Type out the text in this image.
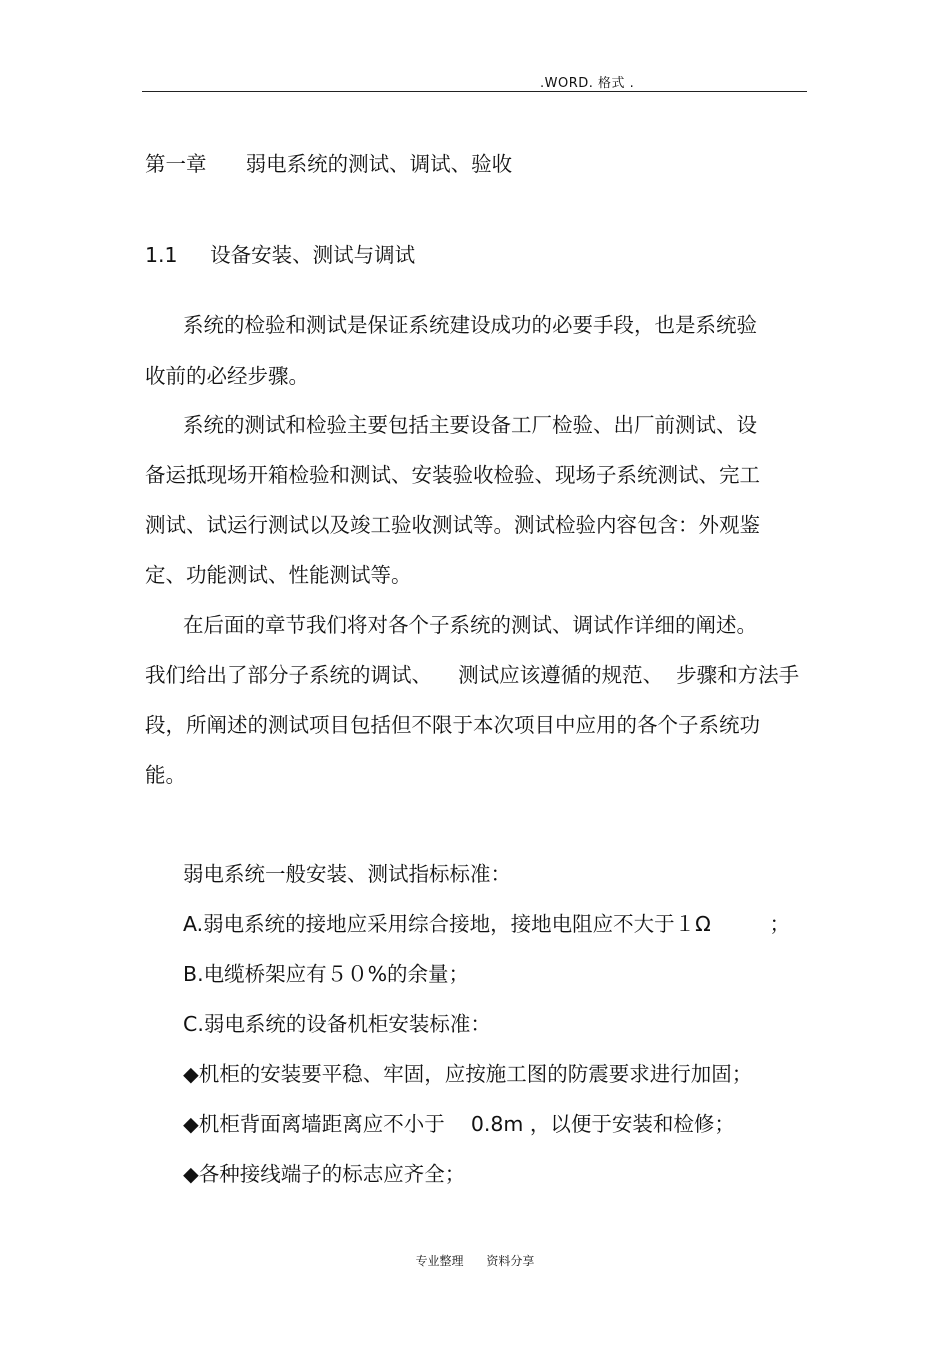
.WORD. 格式 .
第一章      弱电系统的测试、调试、验收
1.1     设备安装、测试与调试
系统的检验和测试是保证系统建设成功的必要手段，也是系统验
收前的必经步骤。
系统的测试和检验主要包括主要设备工厂检验、出厂前测试、设
备运抵现场开箱检验和测试、安装验收检验、现场子系统测试、完工
测试、试运行测试以及竣工验收测试等。测试检验内容包含：外观鉴
定、功能测试、性能测试等。
在后面的章节我们将对各个子系统的测试、调试作详细的阐述。
我们给出了部分子系统的调试、    测试应该遵循的规范、  步骤和方法手
段，所阐述的测试项目包括但不限于本次项目中应用的各个子系统功
能。
弱电系统一般安装、测试指标标准：
A.弱电系统的接地应采用综合接地，接地电阻应不大于１Ω         ；
B.电缆桥架应有５０%的余量；
C.弱电系统的设备机柜安装标准：
◆机柜的安装要平稳、牢固，应按施工图的防震要求进行加固；
◆机柜背面离墙距离应不小于    0.8m ，以便于安装和检修；
◆各种接线端子的标志应齐全；
专业整理      资料分享
